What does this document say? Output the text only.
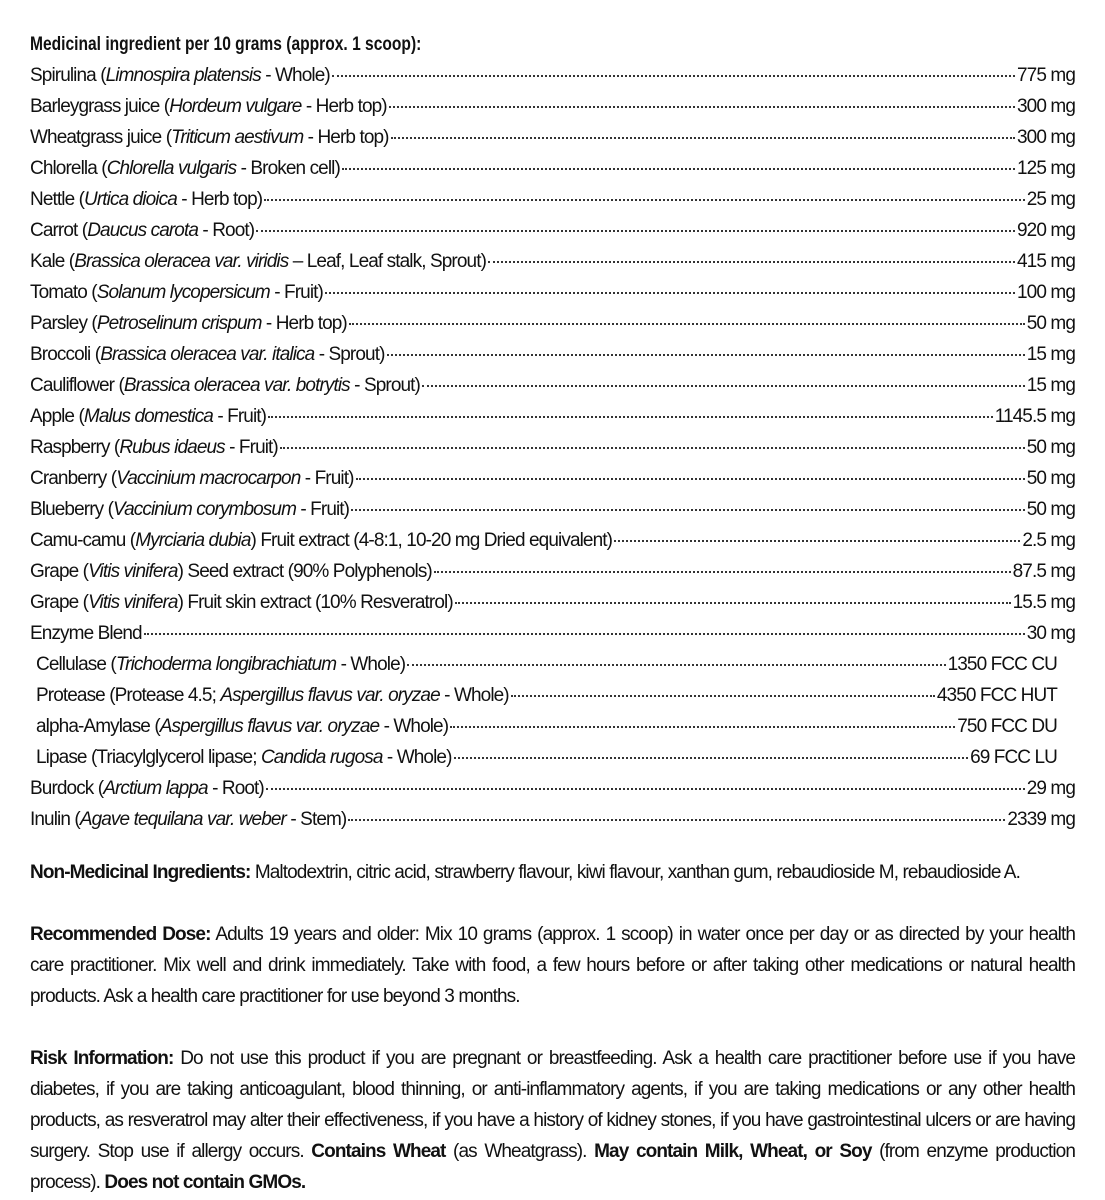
Medicinal ingredient per 10 grams (approx. 1 scoop):
Spirulina (Limnospira platensis - Whole)	775 mg
Barleygrass juice (Hordeum vulgare - Herb top)	300 mg
Wheatgrass juice (Triticum aestivum - Herb top)	300 mg
Chlorella (Chlorella vulgaris - Broken cell)	125 mg
Nettle (Urtica dioica - Herb top)	25 mg
Carrot (Daucus carota - Root)	920 mg
Kale (Brassica oleracea var. viridis – Leaf, Leaf stalk, Sprout)	415 mg
Tomato (Solanum lycopersicum - Fruit)	100 mg
Parsley (Petroselinum crispum - Herb top)	50 mg
Broccoli (Brassica oleracea var. italica - Sprout)	15 mg
Cauliflower (Brassica oleracea var. botrytis - Sprout)	15 mg
Apple (Malus domestica - Fruit)	1145.5 mg
Raspberry (Rubus idaeus - Fruit)	50 mg
Cranberry (Vaccinium macrocarpon - Fruit)	50 mg
Blueberry (Vaccinium corymbosum - Fruit)	50 mg
Camu-camu (Myrciaria dubia) Fruit extract (4-8:1, 10-20 mg Dried equivalent)	2.5 mg
Grape (Vitis vinifera) Seed extract (90% Polyphenols)	87.5 mg
Grape (Vitis vinifera) Fruit skin extract (10% Resveratrol)	15.5 mg
Enzyme Blend	30 mg
Cellulase (Trichoderma longibrachiatum - Whole)	1350 FCC CU
Protease (Protease 4.5; Aspergillus flavus var. oryzae - Whole)	4350 FCC HUT
alpha-Amylase (Aspergillus flavus var. oryzae - Whole)	750 FCC DU
Lipase (Triacylglycerol lipase; Candida rugosa - Whole)	69 FCC LU
Burdock (Arctium lappa - Root)	29 mg
Inulin (Agave tequilana var. weber - Stem)	2339 mg

Non-Medicinal Ingredients: Maltodextrin, citric acid, strawberry flavour, kiwi flavour, xanthan gum, rebaudioside M, rebaudioside A.

Recommended Dose: Adults 19 years and older: Mix 10 grams (approx. 1 scoop) in water once per day or as directed by your health care practitioner. Mix well and drink immediately. Take with food, a few hours before or after taking other medications or natural health products. Ask a health care practitioner for use beyond 3 months.

Risk Information: Do not use this product if you are pregnant or breastfeeding. Ask a health care practitioner before use if you have diabetes, if you are taking anticoagulant, blood thinning, or anti-inflammatory agents, if you are taking medications or any other health products, as resveratrol may alter their effectiveness, if you have a history of kidney stones, if you have gastrointestinal ulcers or are having surgery. Stop use if allergy occurs. Contains Wheat (as Wheatgrass). May contain Milk, Wheat, or Soy (from enzyme production process). Does not contain GMOs.
